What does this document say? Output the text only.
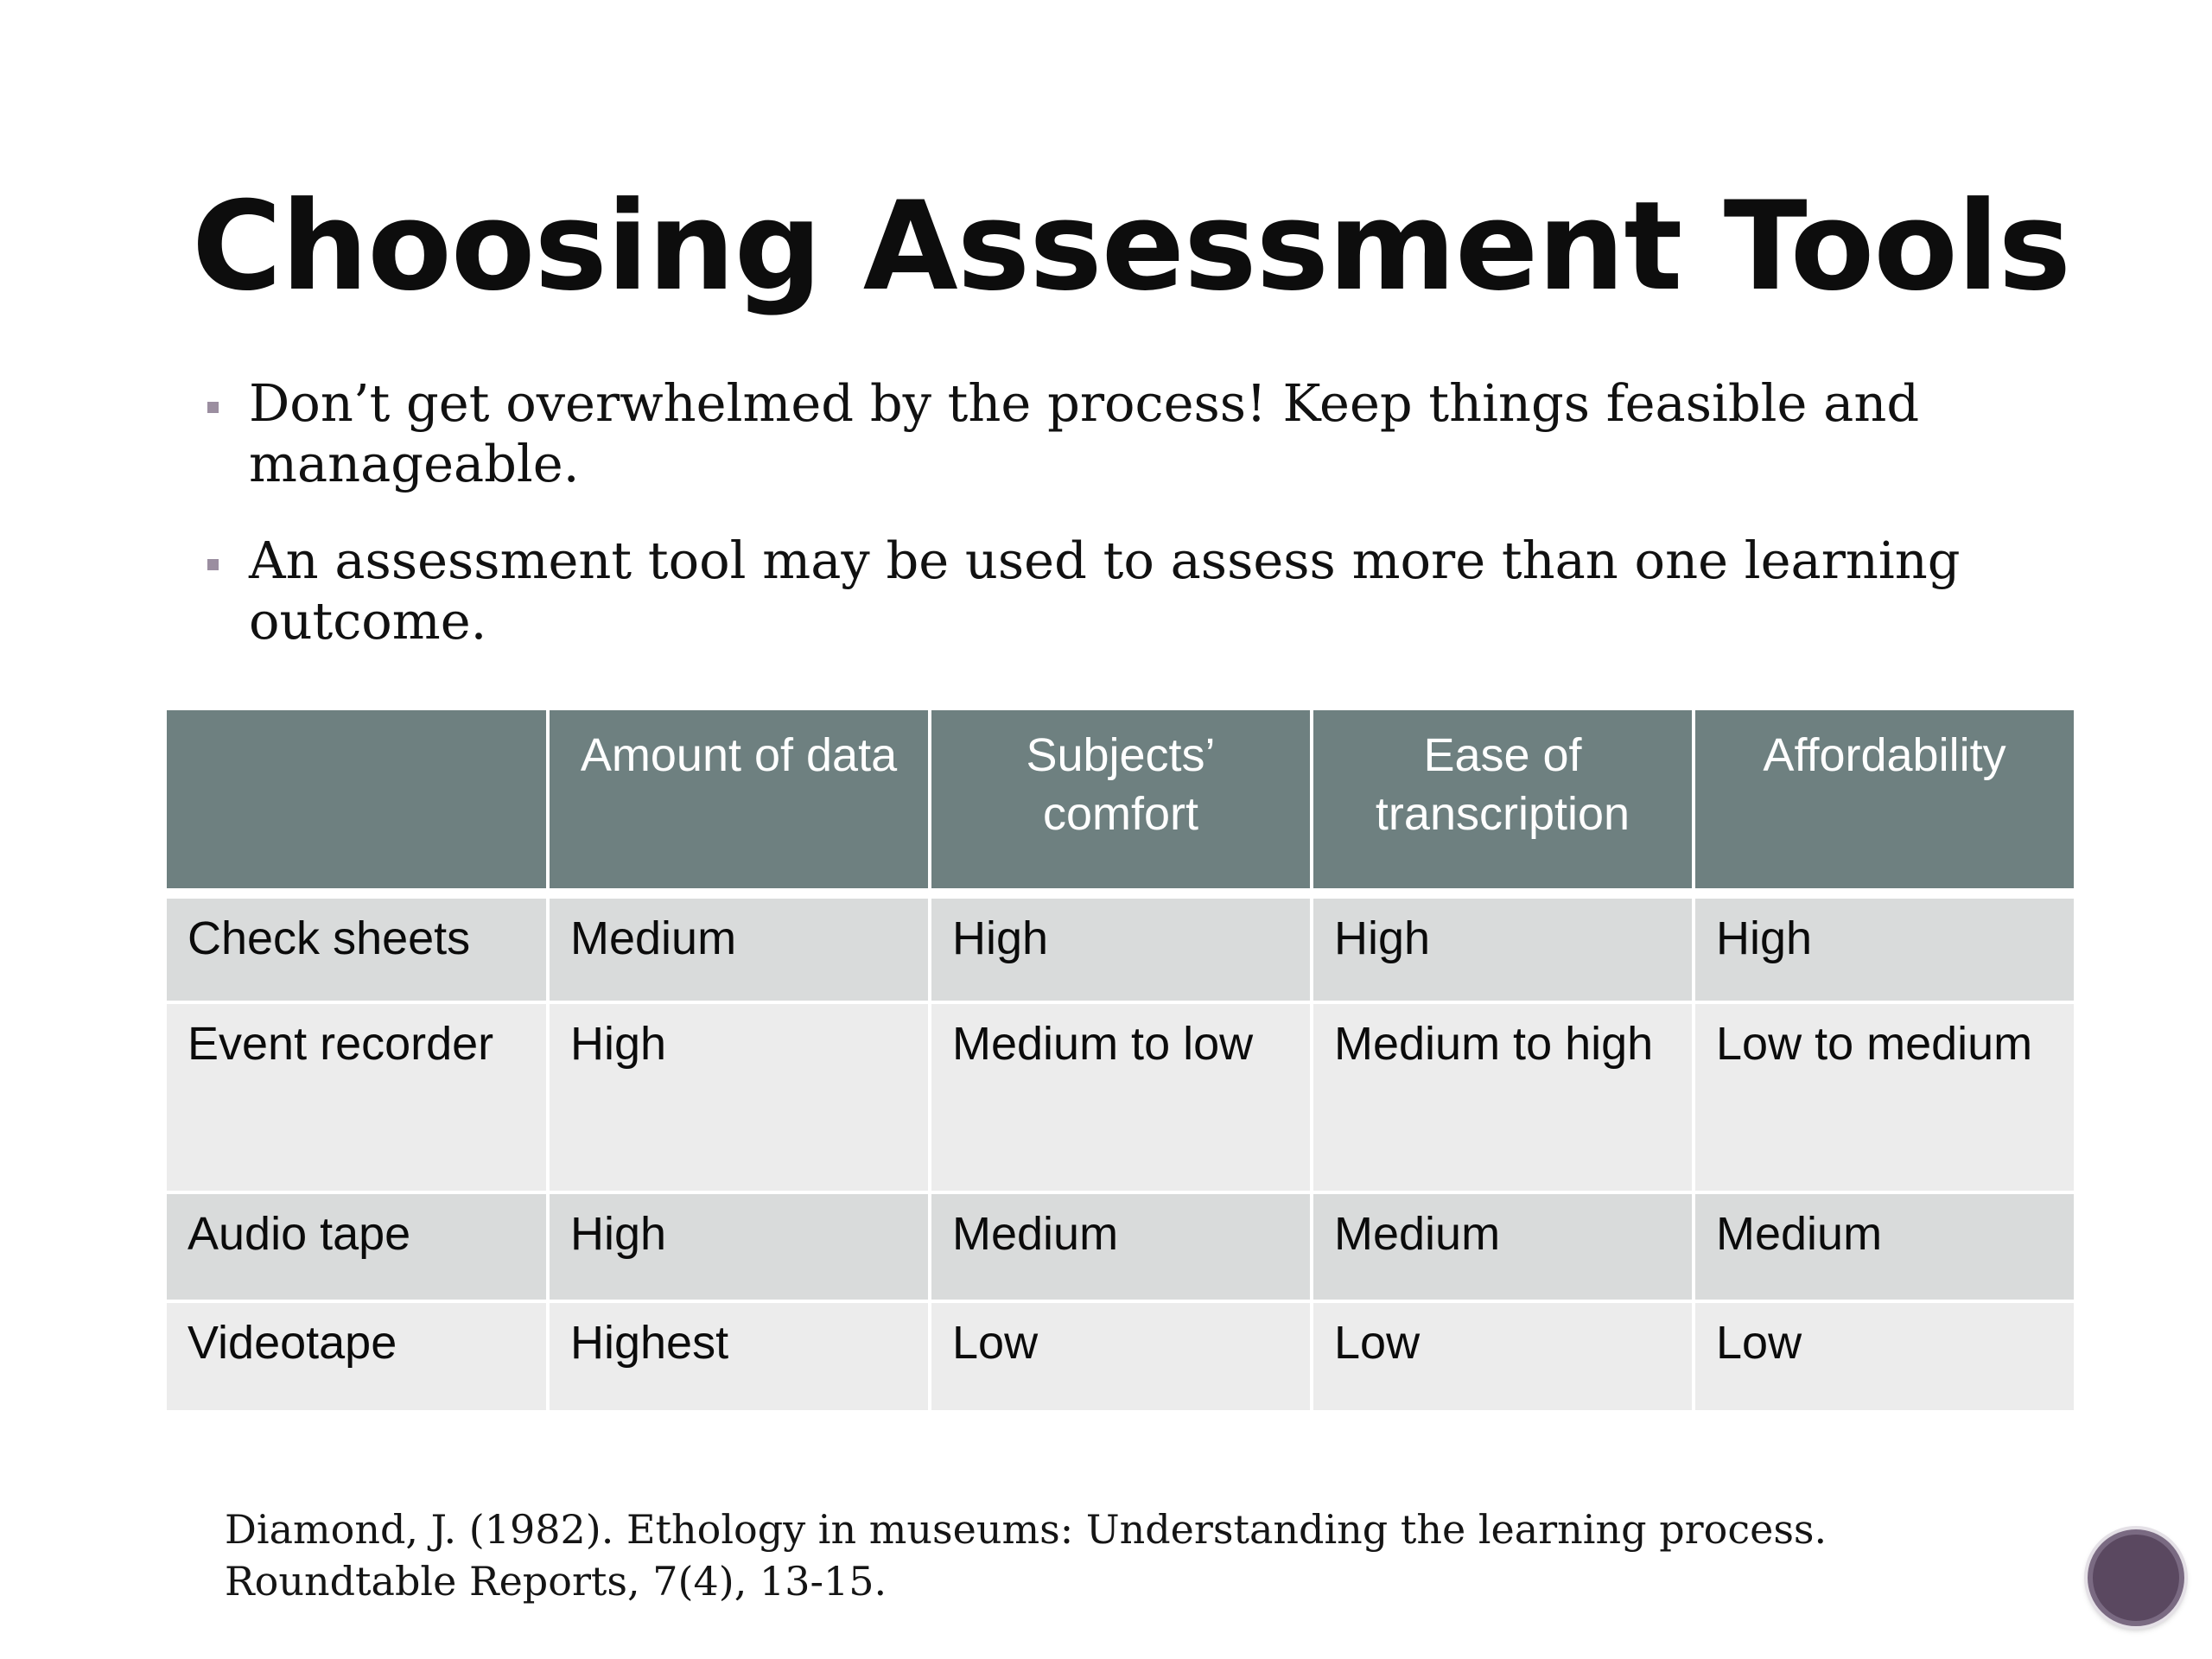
Choosing Assessment Tools
Don’t get overwhelmed by the process! Keep things feasible and manageable.
An assessment tool may be used to assess more than one learning outcome.
	Amount of data	Subjects’ comfort	Ease of transcription	Affordability
Check sheets	Medium	High	High	High
Event recorder	High	Medium to low	Medium to high	Low to medium
Audio tape	High	Medium	Medium	Medium
Videotape	Highest	Low	Low	Low

Diamond, J. (1982). Ethology in museums: Understanding the learning process.
Roundtable Reports, 7(4), 13-15.
